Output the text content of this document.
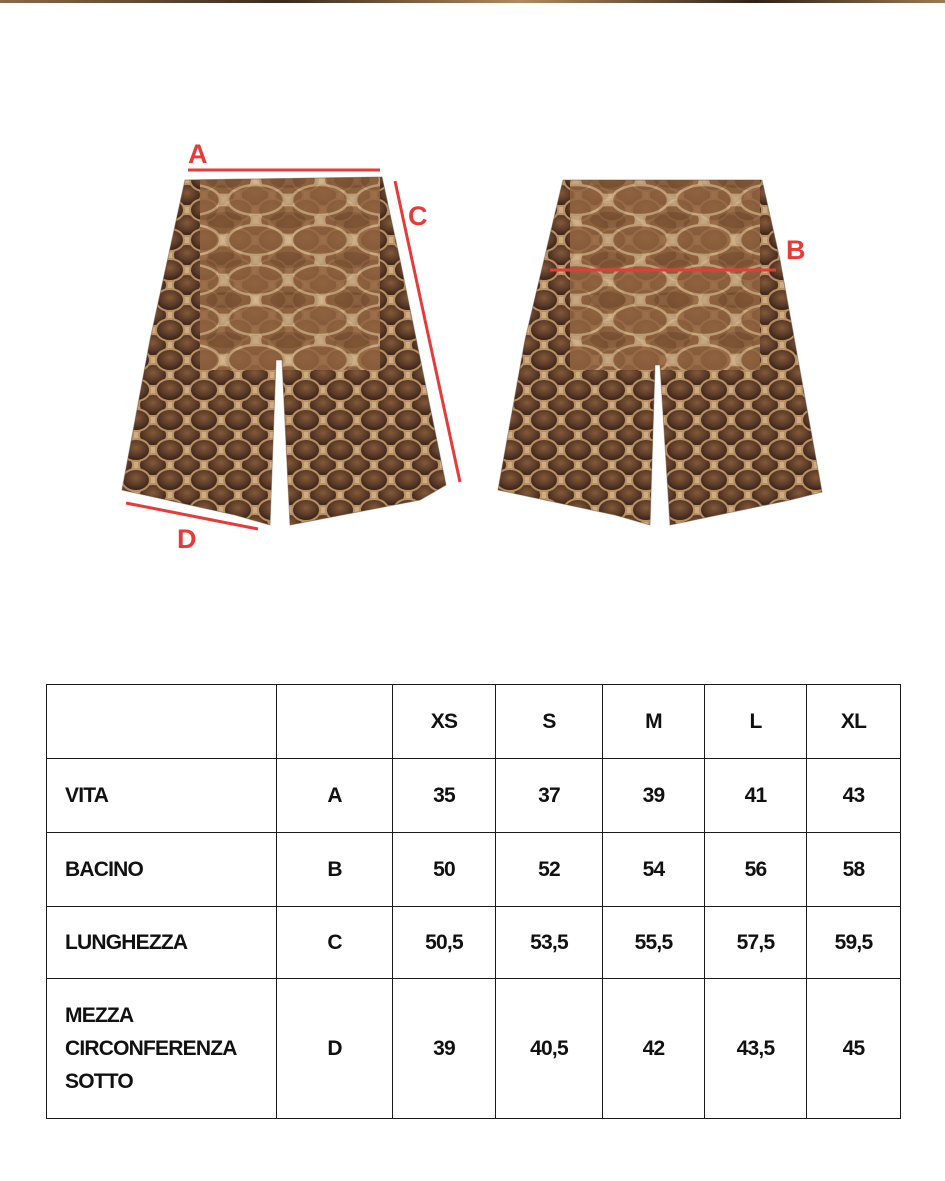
A
C
D
B
		XS	S	M	L	XL
VITA	A	35	37	39	41	43
BACINO	B	50	52	54	56	58
LUNGHEZZA	C	50,5	53,5	55,5	57,5	59,5
MEZZA
CIRCONFERENZA
SOTTO	D	39	40,5	42	43,5	45
